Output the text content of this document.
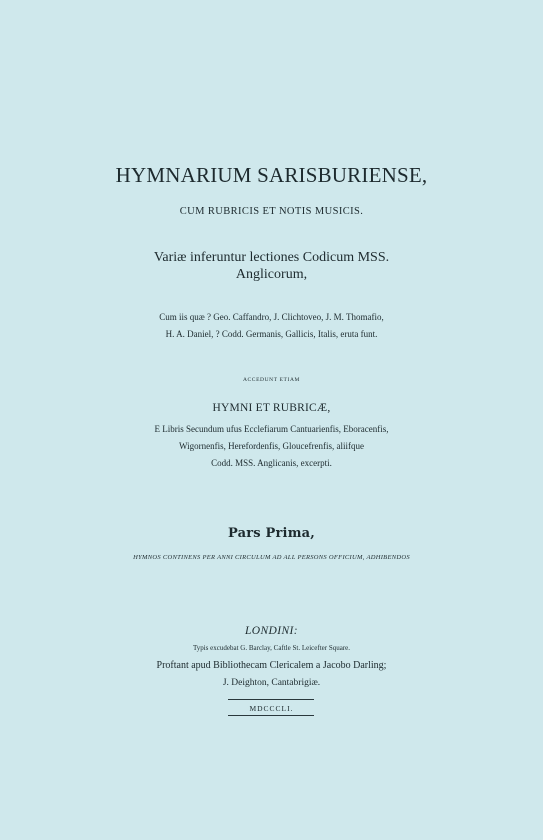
HYMNARIUM SARISBURIENSE,
CUM RUBRICIS ET NOTIS MUSICIS.
Variæ inferuntur lectiones Codicum MSS.
Anglicorum,
Cum iis quæ ? Geo. Caffandro, J. Clichtoveo, J. M. Thomafio,
H. A. Daniel, ? Codd. Germanis, Gallicis, Italis, eruta funt.
ACCEDUNT ETIAM
HYMNI ET RUBRICÆ,
E Libris Secundum ufus Ecclefiarum Cantuarienfis, Eboracenfis,
Wigornenfis, Herefordenfis, Gloucefrenfis, aliifque
Codd. MSS. Anglicanis, excerpti.
Pars Prima,
HYMNOS CONTINENS PER ANNI CIRCULUM AD ALL PERSONS OFFICIUM, ADHIBENDOS
LONDINI:
Typis excudebat G. Barclay, Caftle St. Leicefter Square.
Proftant apud Bibliothecam Clericalem a Jacobo Darling;
J. Deighton, Cantabrigiæ.
MDCCCLI.
